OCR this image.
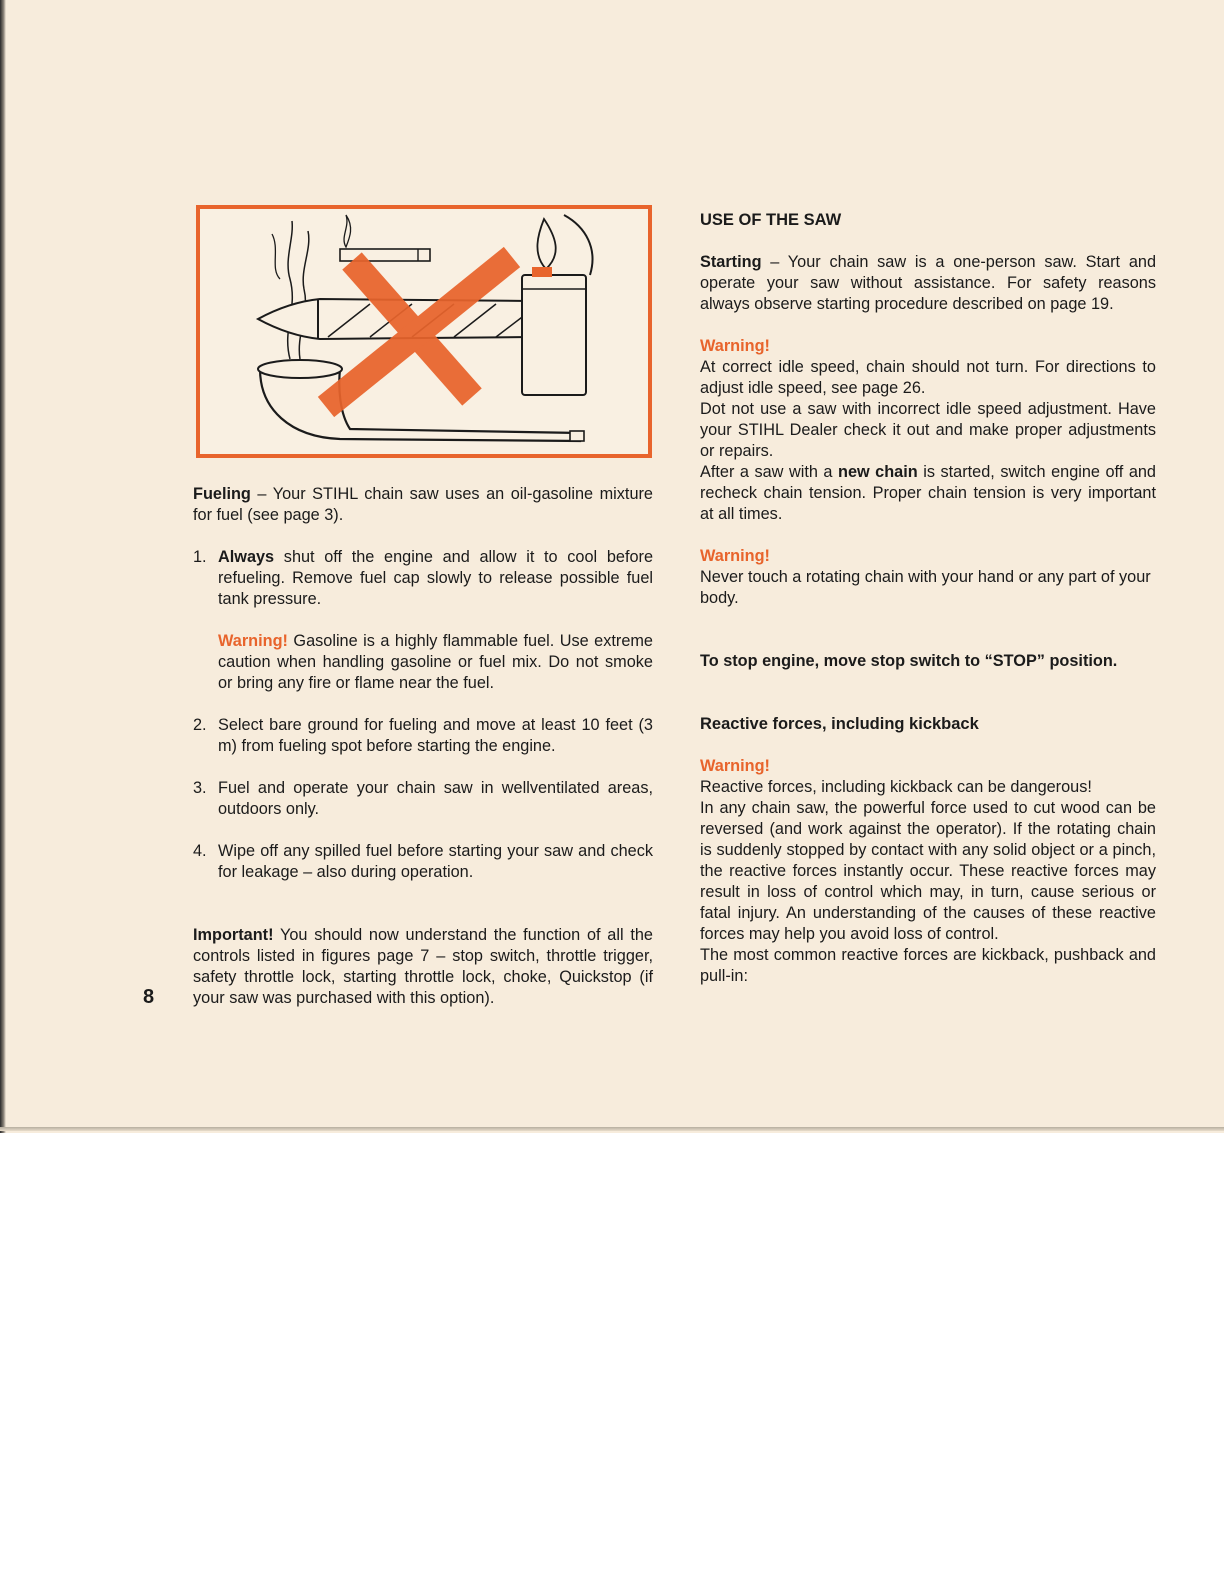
8

Fueling – Your STIHL chain saw uses an oil-gasoline mixture for fuel (see page 3).

1. Always shut off the engine and allow it to cool before refueling. Remove fuel cap slowly to release possible fuel tank pressure.
Warning! Gasoline is a highly flammable fuel. Use extreme caution when handling gasoline or fuel mix. Do not smoke or bring any fire or flame near the fuel.
2. Select bare ground for fueling and move at least 10 feet (3 m) from fueling spot before starting the engine.
3. Fuel and operate your chain saw in wellventilated areas, outdoors only.
4. Wipe off any spilled fuel before starting your saw and check for leakage – also during operation.

Important! You should now understand the function of all the controls listed in figures page 7 – stop switch, throttle trigger, safety throttle lock, starting throttle lock, choke, Quickstop (if your saw was purchased with this option).

USE OF THE SAW

Starting – Your chain saw is a one-person saw. Start and operate your saw without assistance. For safety reasons always observe starting procedure described on page 19.

Warning!

At correct idle speed, chain should not turn. For directions to adjust idle speed, see page 26.

Dot not use a saw with incorrect idle speed adjustment. Have your STIHL Dealer check it out and make proper adjustments or repairs.

After a saw with a new chain is started, switch engine off and recheck chain tension. Proper chain tension is very important at all times.

Warning!

Never touch a rotating chain with your hand or any part of your body.

To stop engine, move stop switch to “STOP” position.

Reactive forces, including kickback

Warning!

Reactive forces, including kickback can be dangerous!

In any chain saw, the powerful force used to cut wood can be reversed (and work against the operator). If the rotating chain is suddenly stopped by contact with any solid object or a pinch, the reactive forces instantly occur. These reactive forces may result in loss of control which may, in turn, cause serious or fatal injury. An understanding of the causes of these reactive forces may help you avoid loss of control.

The most common reactive forces are kickback, pushback and pull-in:
